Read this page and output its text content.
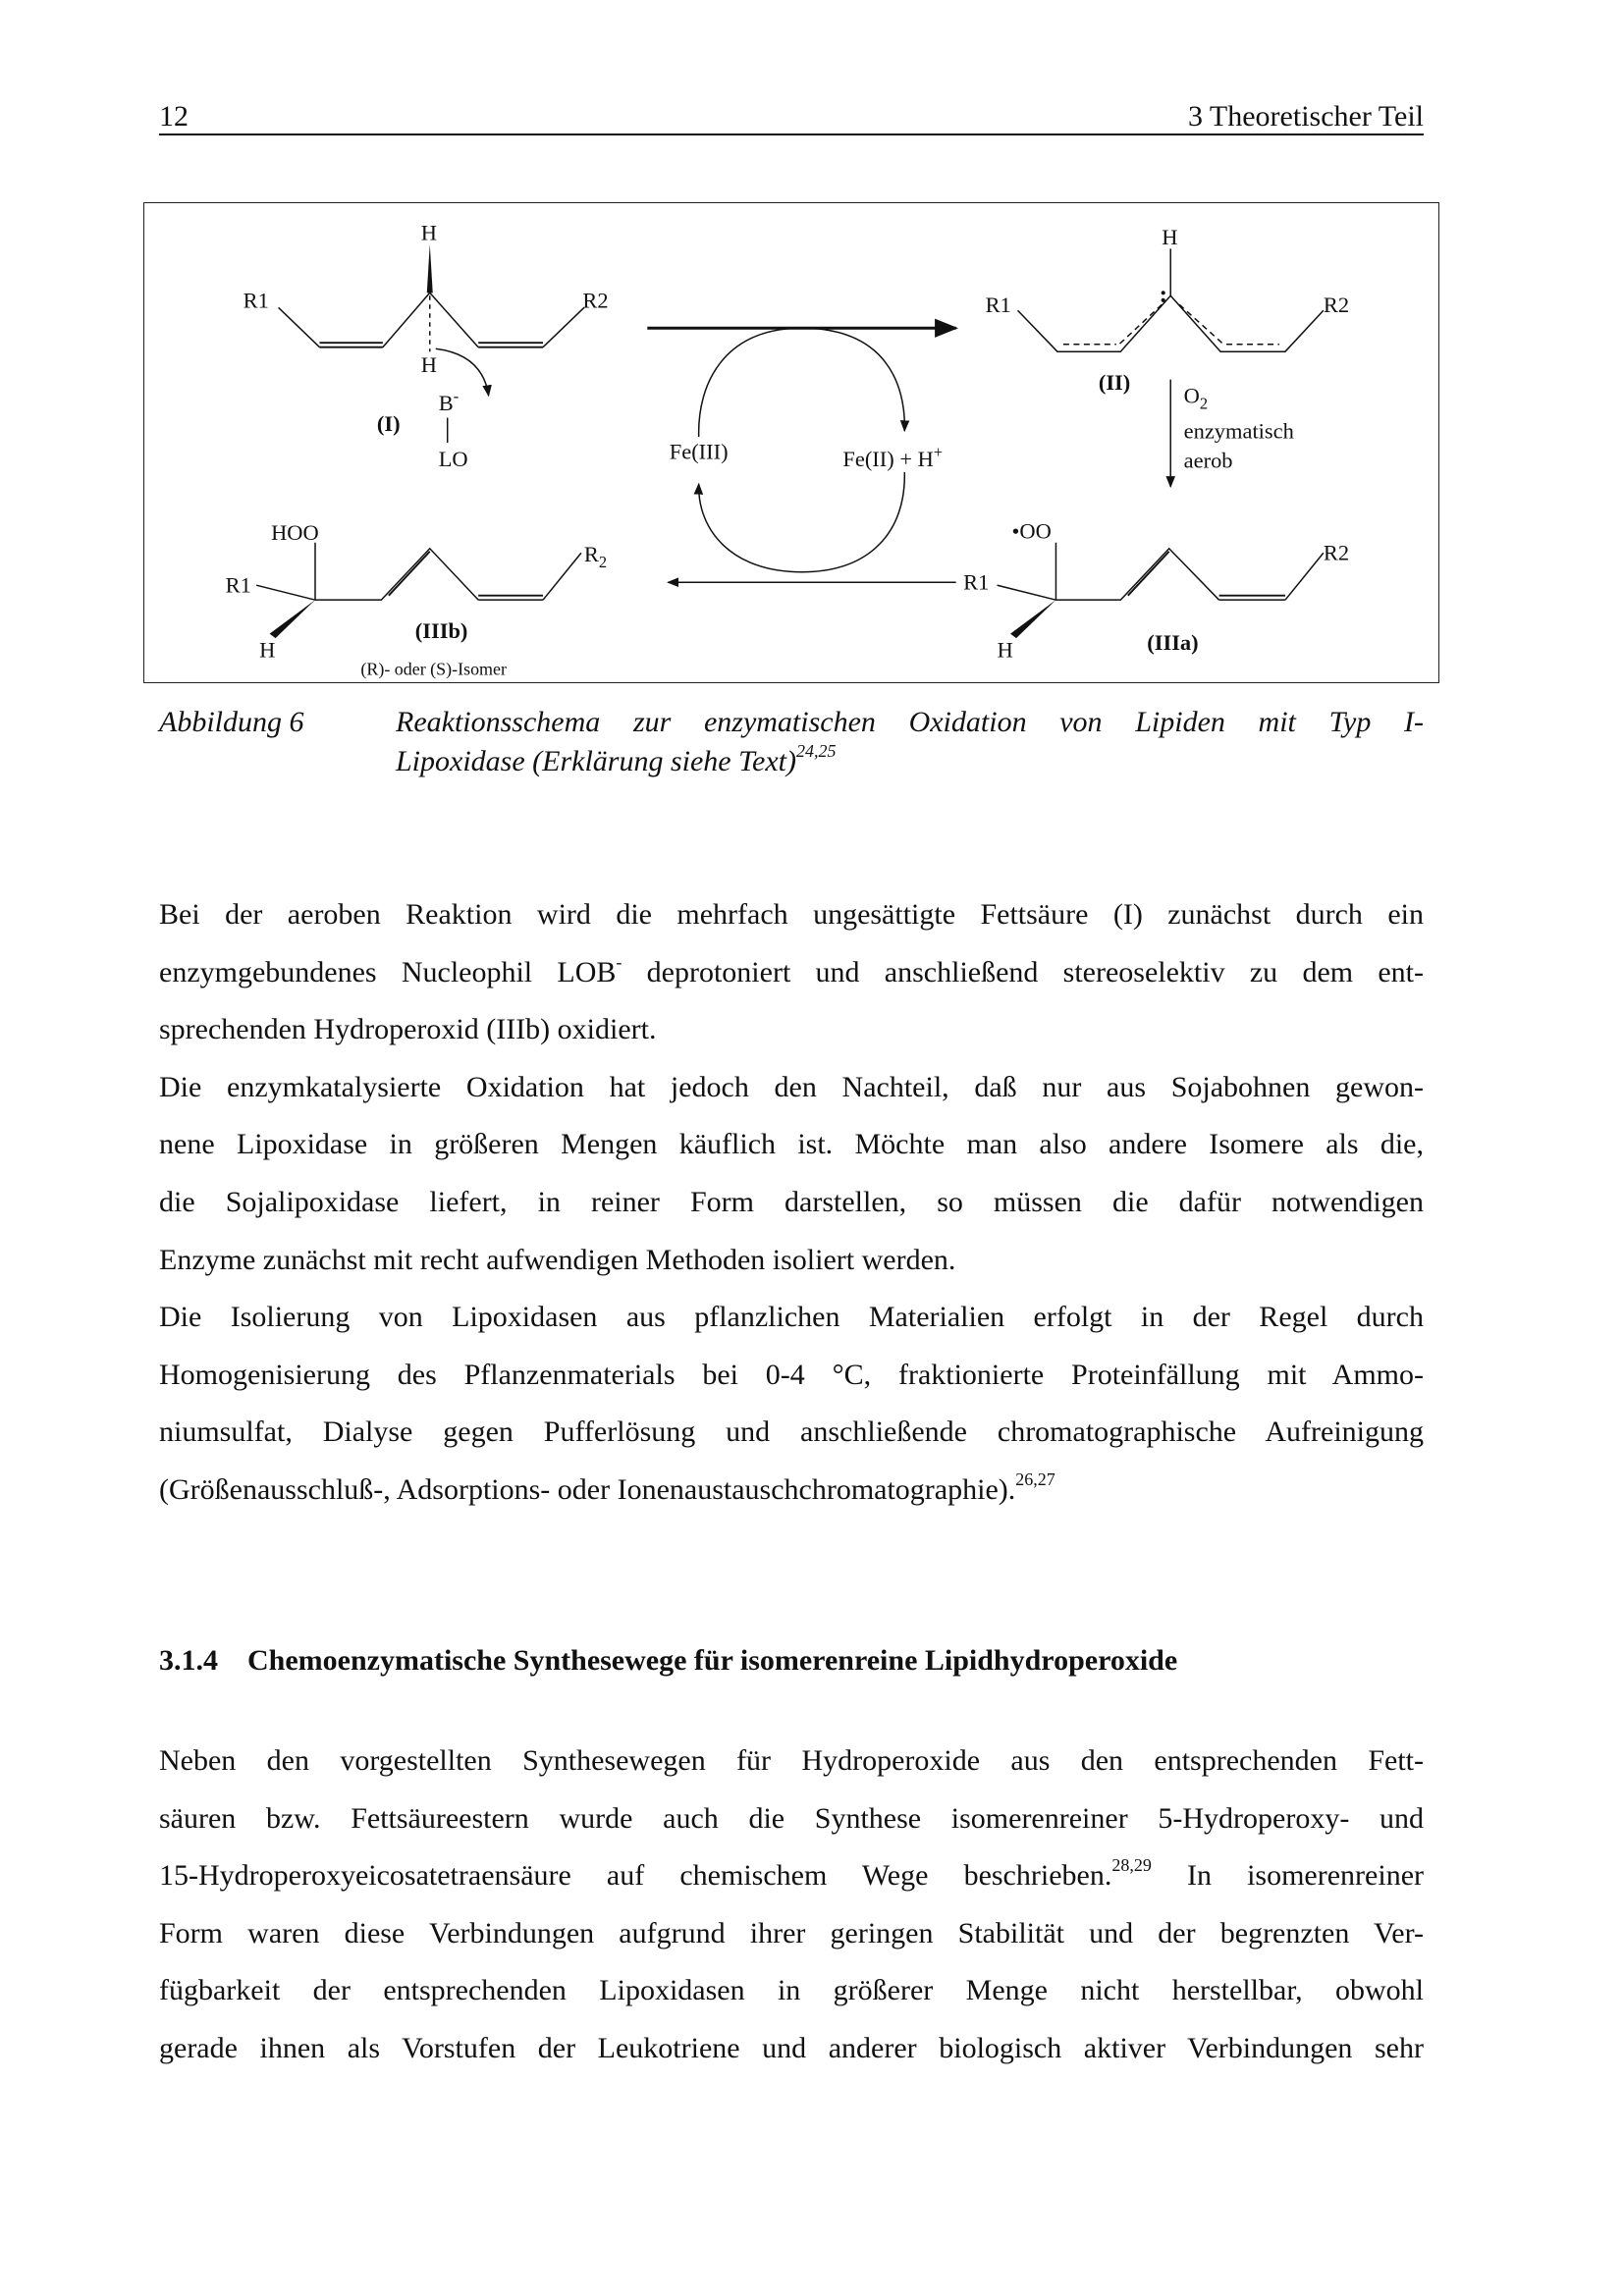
12	3 Theoretischer Teil
H
R1	R2
H
B-
LO
(I)
H
R1	R2
(II)
$O_2$
enzymatisch
aerob
Fe(III)	Fe(II) + H+
HOO
R1
$R_2$
H
(IIIb)
(R)- oder (S)-Isomer
•OO
R1
R2
H	(IIIa)
Abbildung 6	Reaktionsschema zur enzymatischen Oxidation von Lipiden mit Typ I-
Lipoxidase (Erklärung siehe Text)$^{24,25}$
Bei der aeroben Reaktion wird die mehrfach ungesättigte Fettsäure (I) zunächst durch ein
enzymgebundenes Nucleophil LOB- deprotoniert und anschließend stereoselektiv zu dem ent-
sprechenden Hydroperoxid (IIIb) oxidiert.
Die enzymkatalysierte Oxidation hat jedoch den Nachteil, daß nur aus Sojabohnen gewon-
nene Lipoxidase in größeren Mengen käuflich ist. Möchte man also andere Isomere als die,
die Sojalipoxidase liefert, in reiner Form darstellen, so müssen die dafür notwendigen
Enzyme zunächst mit recht aufwendigen Methoden isoliert werden.
Die Isolierung von Lipoxidasen aus pflanzlichen Materialien erfolgt in der Regel durch
Homogenisierung des Pflanzenmaterials bei 0-4 °C, fraktionierte Proteinfällung mit Ammo-
niumsulfat, Dialyse gegen Pufferlösung und anschließende chromatographische Aufreinigung
(Größenausschluß-, Adsorptions- oder Ionenaustauschchromatographie).$^{26,27}$
3.1.4    Chemoenzymatische Synthesewege für isomerenreine Lipidhydroperoxide
Neben den vorgestellten Synthesewegen für Hydroperoxide aus den entsprechenden Fett-
säuren bzw. Fettsäureestern wurde auch die Synthese isomerenreiner 5-Hydroperoxy- und
15-Hydroperoxyeicosatetraensäure auf chemischem Wege beschrieben.$^{28,29}$ In isomerenreiner
Form waren diese Verbindungen aufgrund ihrer geringen Stabilität und der begrenzten Ver-
fügbarkeit der entsprechenden Lipoxidasen in größerer Menge nicht herstellbar, obwohl
gerade ihnen als Vorstufen der Leukotriene und anderer biologisch aktiver Verbindungen sehr
